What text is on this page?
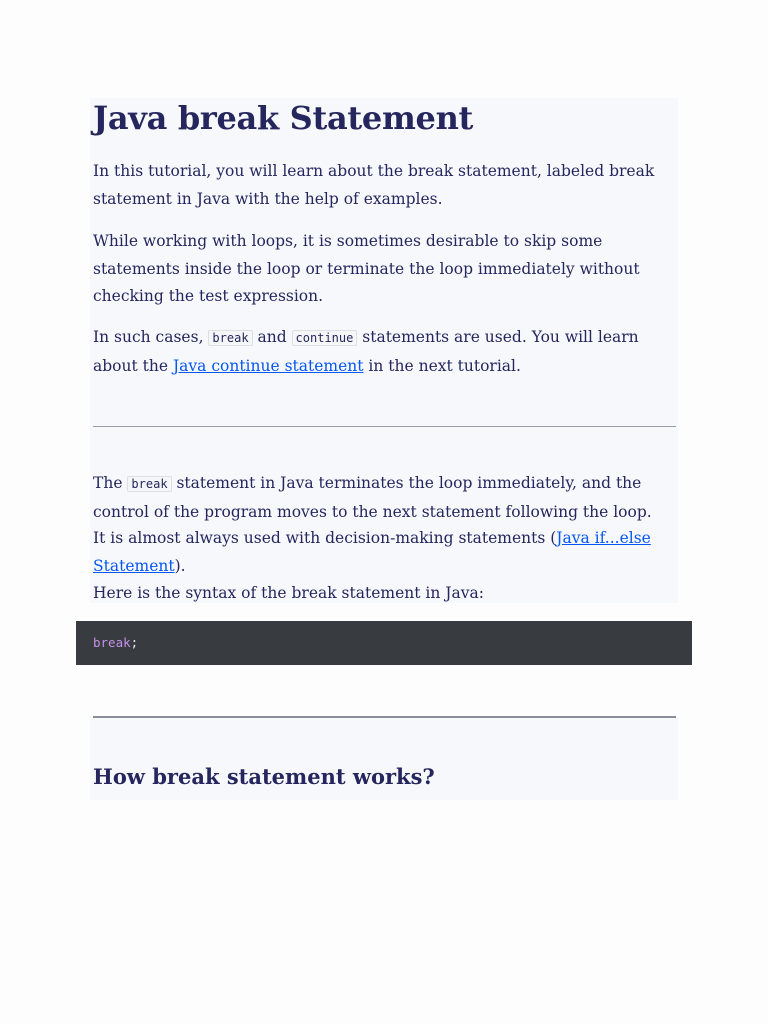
Java break Statement

In this tutorial, you will learn about the break statement, labeled break statement in Java with the help of examples.

While working with loops, it is sometimes desirable to skip some statements inside the loop or terminate the loop immediately without checking the test expression.

In such cases, break and continue statements are used. You will learn about the Java continue statement in the next tutorial.

The break statement in Java terminates the loop immediately, and the control of the program moves to the next statement following the loop.

It is almost always used with decision-making statements (Java if...else Statement).

Here is the syntax of the break statement in Java:

break;
How break statement works?
